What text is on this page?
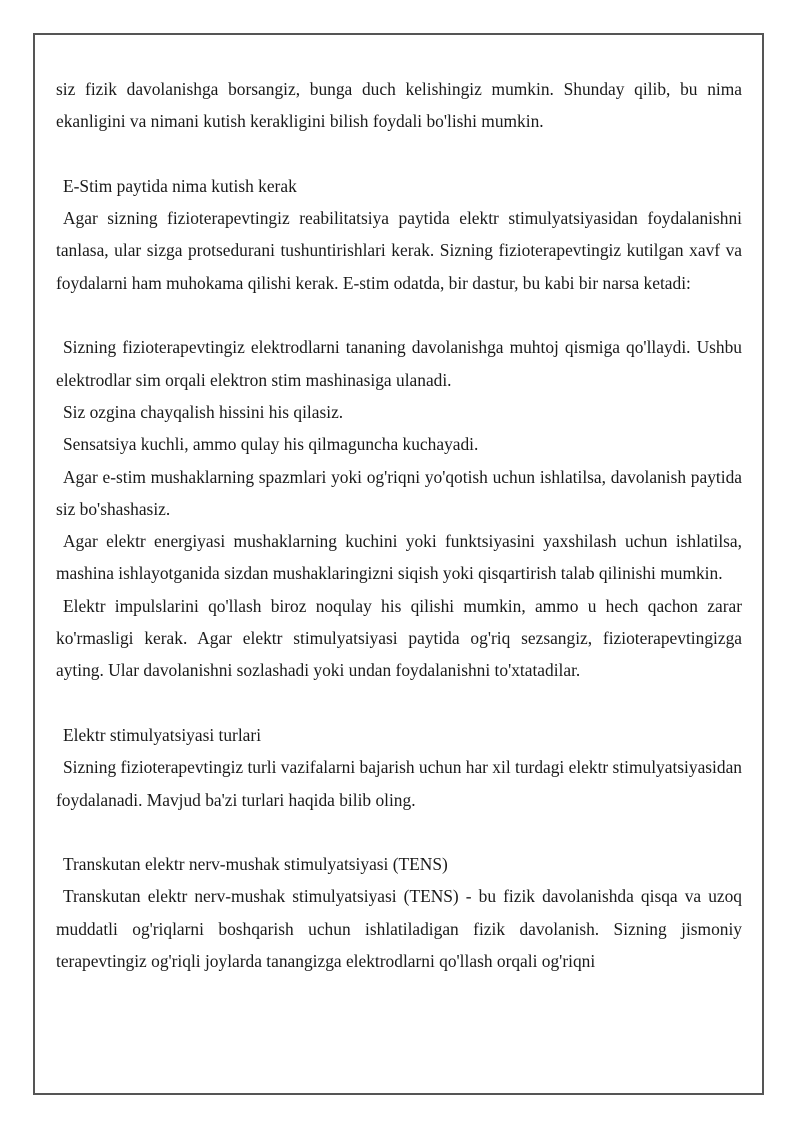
siz fizik davolanishga borsangiz, bunga duch kelishingiz mumkin. Shunday qilib, bu nima ekanligini va nimani kutish kerakligini bilish foydali bo'lishi mumkin.

E-Stim paytida nima kutish kerak

Agar sizning fizioterapevtingiz reabilitatsiya paytida elektr stimulyatsiyasidan foydalanishni tanlasa, ular sizga protsedurani tushuntirishlari kerak. Sizning fizioterapevtingiz kutilgan xavf va foydalarni ham muhokama qilishi kerak. E-stim odatda, bir dastur, bu kabi bir narsa ketadi:

Sizning fizioterapevtingiz elektrodlarni tananing davolanishga muhtoj qismiga qo'llaydi. Ushbu elektrodlar sim orqali elektron stim mashinasiga ulanadi.

Siz ozgina chayqalish hissini his qilasiz.

Sensatsiya kuchli, ammo qulay his qilmaguncha kuchayadi.

Agar e-stim mushaklarning spazmlari yoki og'riqni yo'qotish uchun ishlatilsa, davolanish paytida siz bo'shashasiz.

Agar elektr energiyasi mushaklarning kuchini yoki funktsiyasini yaxshilash uchun ishlatilsa, mashina ishlayotganida sizdan mushaklaringizni siqish yoki qisqartirish talab qilinishi mumkin.

Elektr impulslarini qo'llash biroz noqulay his qilishi mumkin, ammo u hech qachon zarar ko'rmasligi kerak. Agar elektr stimulyatsiyasi paytida og'riq sezsangiz, fizioterapevtingizga ayting. Ular davolanishni sozlashadi yoki undan foydalanishni to'xtatadilar.

Elektr stimulyatsiyasi turlari

Sizning fizioterapevtingiz turli vazifalarni bajarish uchun har xil turdagi elektr stimulyatsiyasidan foydalanadi. Mavjud ba'zi turlari haqida bilib oling.

Transkutan elektr nerv-mushak stimulyatsiyasi (TENS)

Transkutan elektr nerv-mushak stimulyatsiyasi (TENS) - bu fizik davolanishda qisqa va uzoq muddatli og'riqlarni boshqarish uchun ishlatiladigan fizik davolanish. Sizning jismoniy terapevtingiz og'riqli joylarda tanangizga elektrodlarni qo'llash orqali og'riqni
